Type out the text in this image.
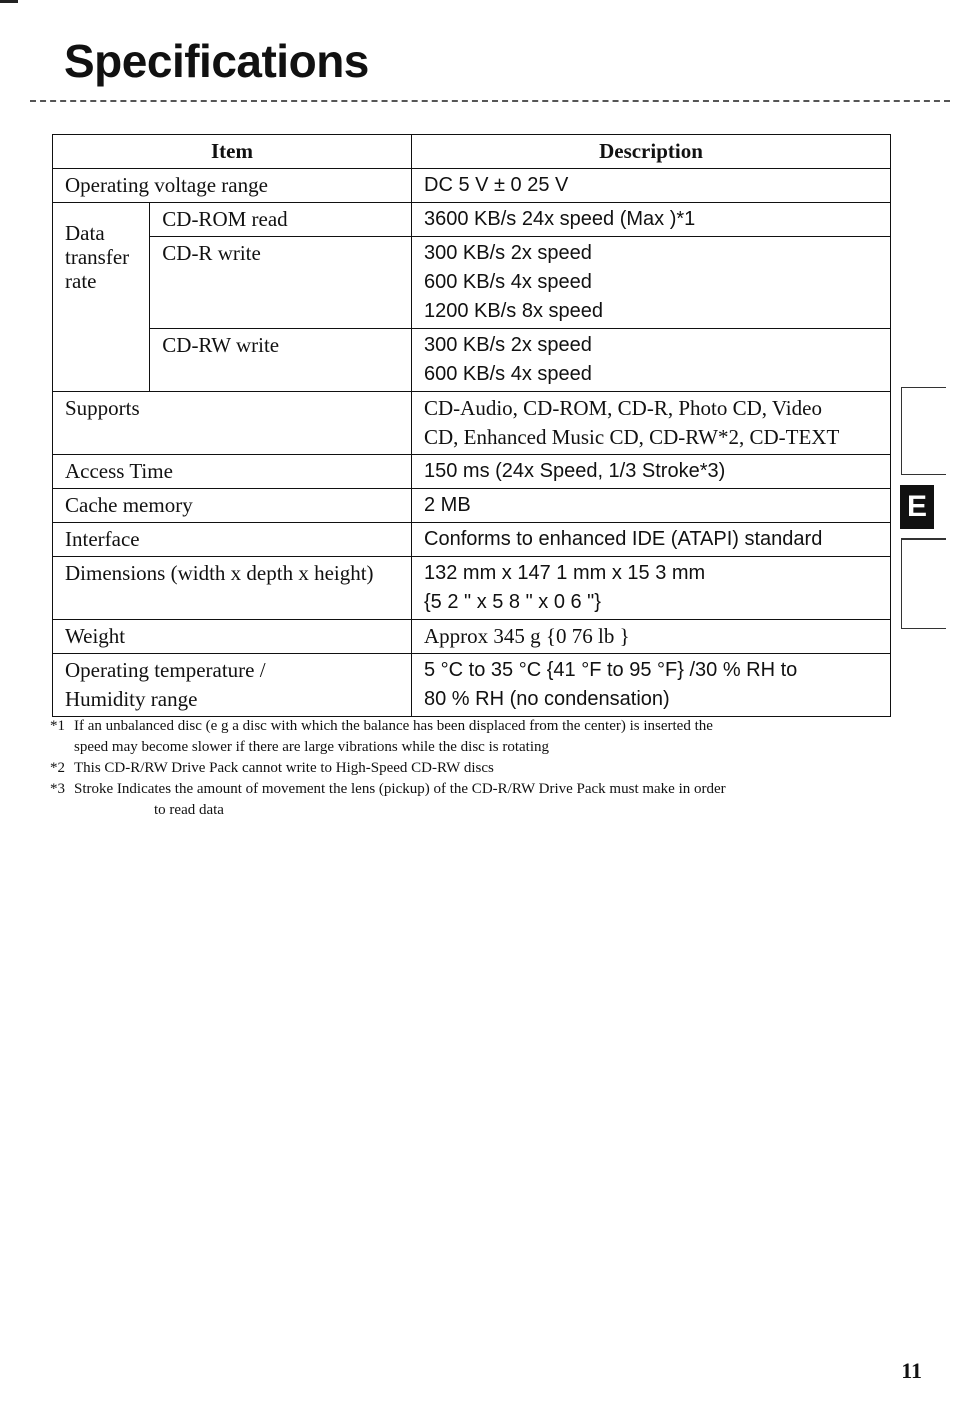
Specifications
Item		Description
Operating voltage range		DC 5 V ± 0 25 V

Data
transfer
rate	CD-ROM read	3600 KB/s 24x speed (Max )*1
	CD-R write	300 KB/s 2x speed
600 KB/s 4x speed
1200 KB/s 8x speed

	CD-RW write	300 KB/s 2x speed
600 KB/s 4x speed

Supports		CD-Audio, CD-ROM, CD-R, Photo CD, Video
CD, Enhanced Music CD, CD-RW*2, CD-TEXT

Access Time		150 ms (24x Speed, 1/3 Stroke*3)
Cache memory		2 MB
Interface		Conforms to enhanced IDE (ATAPI) standard
Dimensions (width x depth x height)		132 mm x 147 1 mm x 15 3 mm
{5 2 " x 5 8 " x 0 6 "}

Weight		Approx 345 g {0 76 lb }

Operating temperature /
Humidity range		5 °C to 35 °C {41 °F to 95 °F} /30 % RH to
80 % RH (no condensation)
*1 If an unbalanced disc (e g a disc with which the balance has been displaced from the center) is inserted the
speed may become slower if there are large vibrations while the disc is rotating
*2 This CD-R/RW Drive Pack cannot write to High-Speed CD-RW discs
*3 Stroke Indicates the amount of movement the lens (pickup) of the CD-R/RW Drive Pack must make in order
to read data
E
11
